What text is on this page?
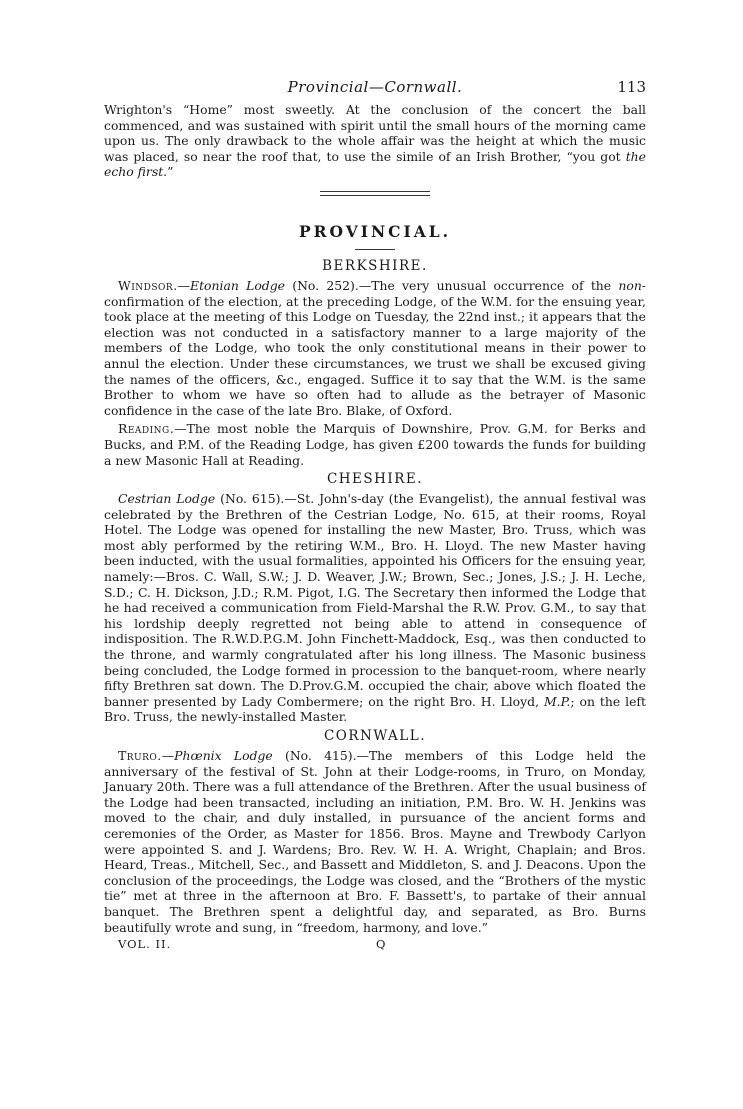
Provincial—Cornwall.	113

Wrighton's “Home” most sweetly. At the conclusion of the concert the ball commenced, and was sustained with spirit until the small hours of the morning came upon us. The only drawback to the whole affair was the height at which the music was placed, so near the roof that, to use the simile of an Irish Brother, “you got the echo first.”

PROVINCIAL.
BERKSHIRE.

Windsor.—Etonian Lodge (No. 252).—The very unusual occurrence of the non-confirmation of the election, at the preceding Lodge, of the W.M. for the ensuing year, took place at the meeting of this Lodge on Tuesday, the 22nd inst.; it appears that the election was not conducted in a satisfactory manner to a large majority of the members of the Lodge, who took the only constitutional means in their power to annul the election. Under these circumstances, we trust we shall be excused giving the names of the officers, &c., engaged. Suffice it to say that the W.M. is the same Brother to whom we have so often had to allude as the betrayer of Masonic confidence in the case of the late Bro. Blake, of Oxford.

Reading.—The most noble the Marquis of Downshire, Prov. G.M. for Berks and Bucks, and P.M. of the Reading Lodge, has given £200 towards the funds for building a new Masonic Hall at Reading.

CHESHIRE.

Cestrian Lodge (No. 615).—St. John's-day (the Evangelist), the annual festival was celebrated by the Brethren of the Cestrian Lodge, No. 615, at their rooms, Royal Hotel. The Lodge was opened for installing the new Master, Bro. Truss, which was most ably performed by the retiring W.M., Bro. H. Lloyd. The new Master having been inducted, with the usual formalities, appointed his Officers for the ensuing year, namely:—Bros. C. Wall, S.W.; J. D. Weaver, J.W.; Brown, Sec.; Jones, J.S.; J. H. Leche, S.D.; C. H. Dickson, J.D.; R.M. Pigot, I.G. The Secretary then informed the Lodge that he had received a communication from Field-Marshal the R.W. Prov. G.M., to say that his lordship deeply regretted not being able to attend in consequence of indisposition. The R.W.D.P.G.M. John Finchett-Maddock, Esq., was then conducted to the throne, and warmly congratulated after his long illness. The Masonic business being concluded, the Lodge formed in procession to the banquet-room, where nearly fifty Brethren sat down. The D.Prov.G.M. occupied the chair, above which floated the banner presented by Lady Combermere; on the right Bro. H. Lloyd, M.P.; on the left Bro. Truss, the newly-installed Master.

CORNWALL.

Truro.—Phœnix Lodge (No. 415).—The members of this Lodge held the anniversary of the festival of St. John at their Lodge-rooms, in Truro, on Monday, January 20th. There was a full attendance of the Brethren. After the usual business of the Lodge had been transacted, including an initiation, P.M. Bro. W. H. Jenkins was moved to the chair, and duly installed, in pursuance of the ancient forms and ceremonies of the Order, as Master for 1856. Bros. Mayne and Trewbody Carlyon were appointed S. and J. Wardens; Bro. Rev. W. H. A. Wright, Chaplain; and Bros. Heard, Treas., Mitchell, Sec., and Bassett and Middleton, S. and J. Deacons. Upon the conclusion of the proceedings, the Lodge was closed, and the “Brothers of the mystic tie” met at three in the afternoon at Bro. F. Bassett's, to partake of their annual banquet. The Brethren spent a delightful day, and separated, as Bro. Burns beautifully wrote and sung, in “freedom, harmony, and love.”

VOL. II.	Q
